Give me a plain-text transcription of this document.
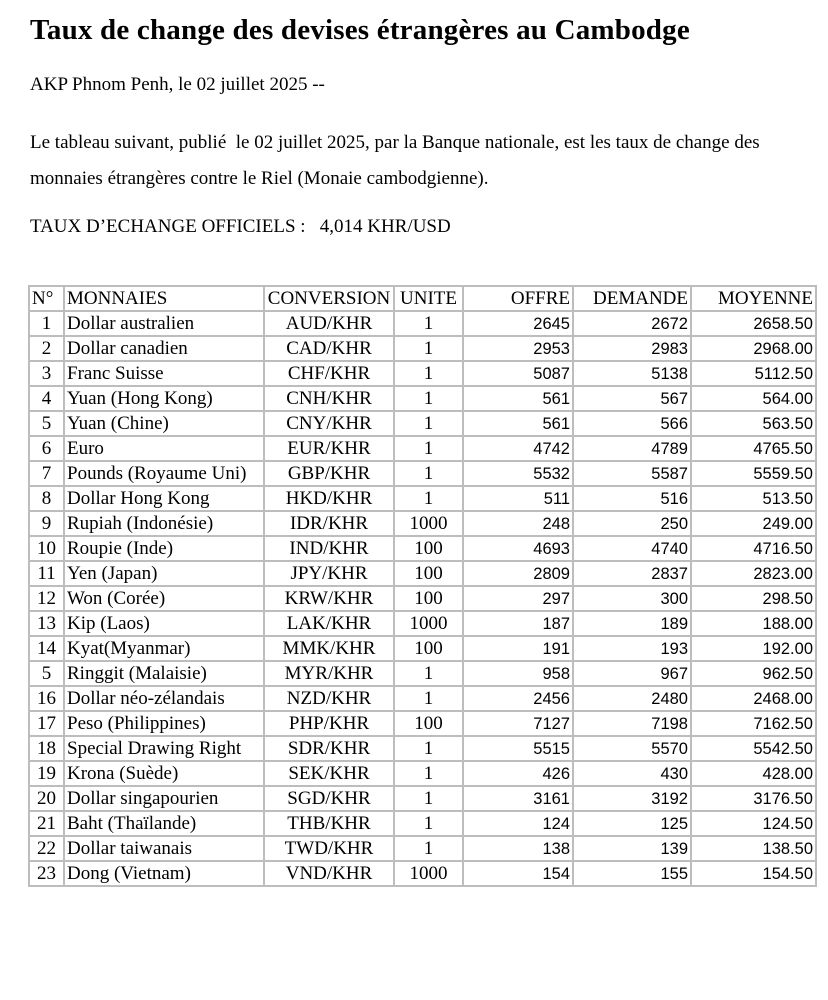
Taux de change des devises étrangères au Cambodge

AKP Phnom Penh, le 02 juillet 2025 --

Le tableau suivant, publié  le 02 juillet 2025, par la Banque nationale, est les taux de change des
monnaies étrangères contre le Riel (Monaie cambodgienne).

TAUX D’ECHANGE OFFICIELS :   4,014 KHR/USD

N°	MONNAIES	CONVERSION	UNITE	OFFRE	DEMANDE	MOYENNE
1	Dollar australien	AUD/KHR	1	2645	2672	2658.50
2	Dollar canadien	CAD/KHR	1	2953	2983	2968.00
3	Franc Suisse	CHF/KHR	1	5087	5138	5112.50
4	Yuan (Hong Kong)	CNH/KHR	1	561	567	564.00
5	Yuan (Chine)	CNY/KHR	1	561	566	563.50
6	Euro	EUR/KHR	1	4742	4789	4765.50
7	Pounds (Royaume Uni)	GBP/KHR	1	5532	5587	5559.50
8	Dollar Hong Kong	HKD/KHR	1	511	516	513.50
9	Rupiah (Indonésie)	IDR/KHR	1000	248	250	249.00
10	Roupie (Inde)	IND/KHR	100	4693	4740	4716.50
11	Yen (Japan)	JPY/KHR	100	2809	2837	2823.00
12	Won (Corée)	KRW/KHR	100	297	300	298.50
13	Kip (Laos)	LAK/KHR	1000	187	189	188.00
14	Kyat(Myanmar)	MMK/KHR	100	191	193	192.00
5	Ringgit (Malaisie)	MYR/KHR	1	958	967	962.50
16	Dollar néo-zélandais	NZD/KHR	1	2456	2480	2468.00
17	Peso (Philippines)	PHP/KHR	100	7127	7198	7162.50
18	Special Drawing Right	SDR/KHR	1	5515	5570	5542.50
19	Krona (Suède)	SEK/KHR	1	426	430	428.00
20	Dollar singapourien	SGD/KHR	1	3161	3192	3176.50
21	Baht (Thaïlande)	THB/KHR	1	124	125	124.50
22	Dollar taiwanais	TWD/KHR	1	138	139	138.50
23	Dong (Vietnam)	VND/KHR	1000	154	155	154.50
